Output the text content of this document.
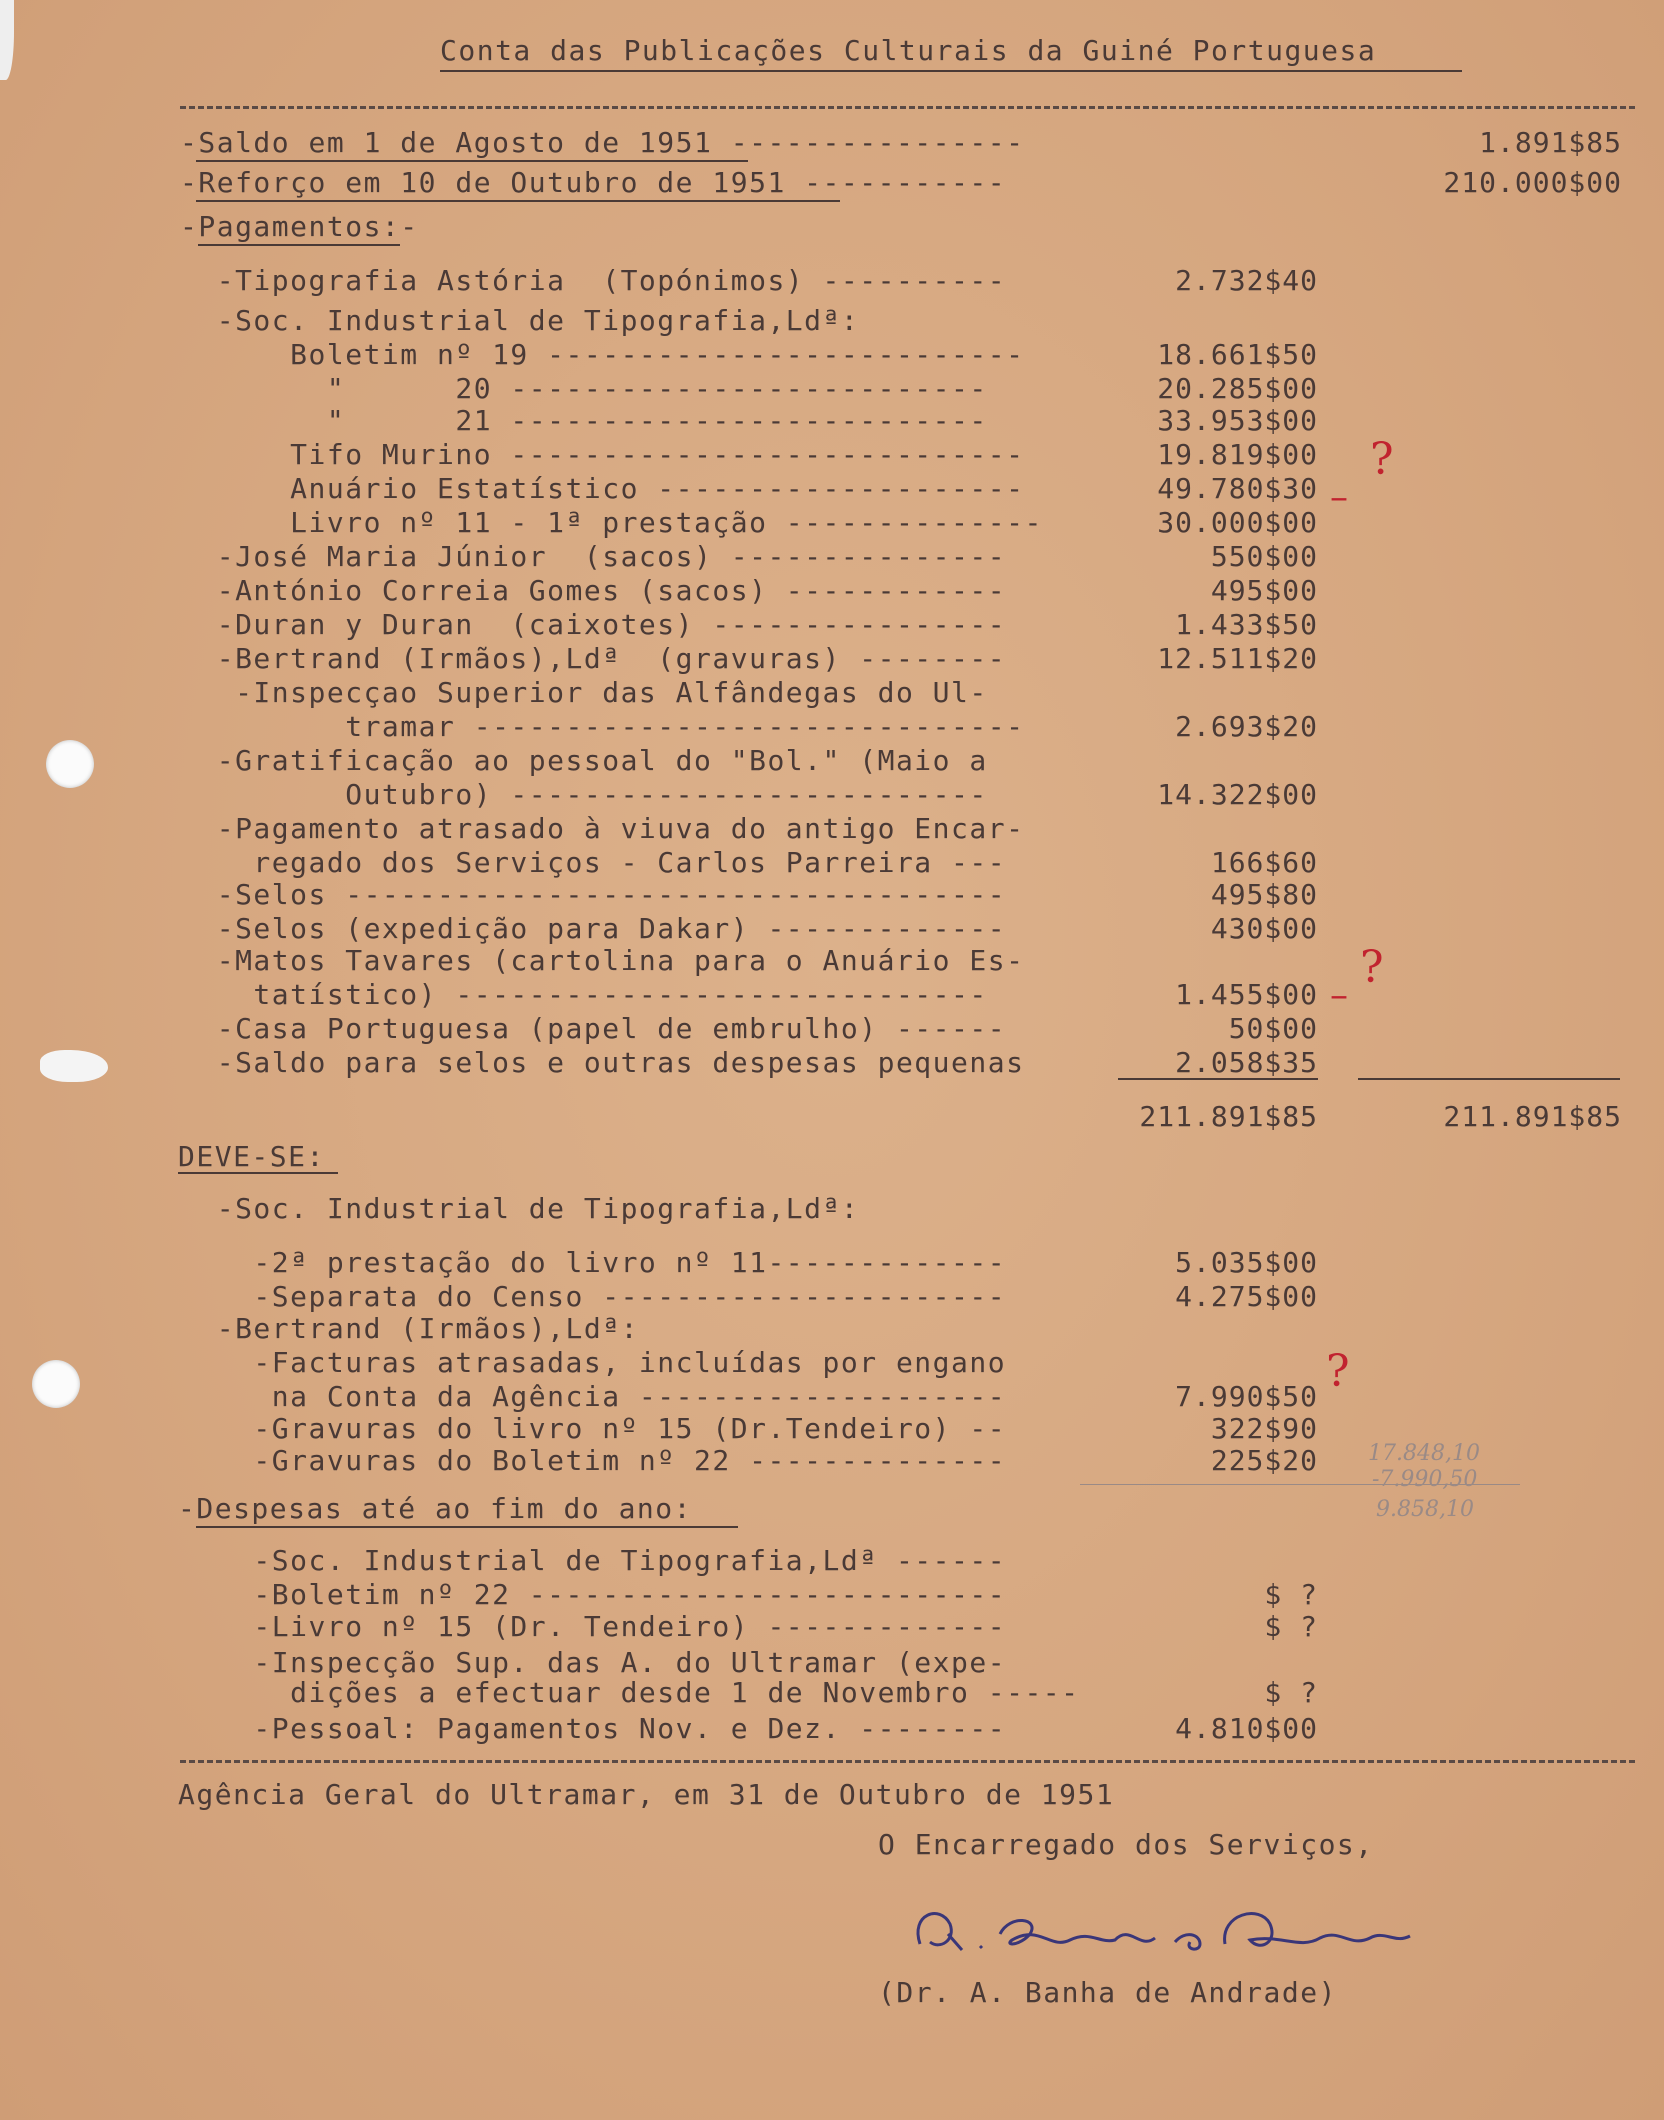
Conta das Publicações Culturais da Guiné Portuguesa
-Saldo em 1 de Agosto de 1951 ----------------	1.891$85
-Reforço em 10 de Outubro de 1951 -----------	210.000$00
-Pagamentos:-
-Tipografia Astória  (Topónimos) ----------	2.732$40
-Soc. Industrial de Tipografia,Ldª:
Boletim nº 19 --------------------------	18.661$50
"      20 --------------------------	20.285$00
"      21 --------------------------	33.953$00
Tifo Murino ----------------------------	19.819$00
Anuário Estatístico --------------------	49.780$30
Livro nº 11 - 1ª prestação --------------	30.000$00
-José Maria Júnior  (sacos) ---------------	550$00
-António Correia Gomes (sacos) ------------	495$00
-Duran y Duran  (caixotes) ----------------	1.433$50
-Bertrand (Irmãos),Ldª  (gravuras) --------	12.511$20
-Inspecçao Superior das Alfândegas do Ul-
tramar ------------------------------	2.693$20
-Gratificação ao pessoal do "Bol." (Maio a
Outubro) --------------------------	14.322$00
-Pagamento atrasado à viuva do antigo Encar-
regado dos Serviços - Carlos Parreira ---	166$60
-Selos ------------------------------------	495$80
-Selos (expedição para Dakar) -------------	430$00
-Matos Tavares (cartolina para o Anuário Es-
tatístico) -----------------------------	1.455$00
-Casa Portuguesa (papel de embrulho) ------	50$00
-Saldo para selos e outras despesas pequenas	2.058$35
211.891$85	211.891$85
DEVE-SE:
-Soc. Industrial de Tipografia,Ldª:
-2ª prestação do livro nº 11-------------	5.035$00
-Separata do Censo ----------------------	4.275$00
-Bertrand (Irmãos),Ldª:
-Facturas atrasadas, incluídas por engano
na Conta da Agência --------------------	7.990$50
-Gravuras do livro nº 15 (Dr.Tendeiro) --	322$90
-Gravuras do Boletim nº 22 --------------	225$20
-Despesas até ao fim do ano:
-Soc. Industrial de Tipografia,Ldª ------
-Boletim nº 22 --------------------------	$ ?
-Livro nº 15 (Dr. Tendeiro) -------------	$ ?
-Inspecção Sup. das A. do Ultramar (expe-
dições a efectuar desde 1 de Novembro -----	$ ?
-Pessoal: Pagamentos Nov. e Dez. --------	4.810$00
Agência Geral do Ultramar, em 31 de Outubro de 1951
O Encarregado dos Serviços,
(Dr. A. Banha de Andrade)
?
?
?
–
–
17.848,10
-7.990,50
9.858,10
